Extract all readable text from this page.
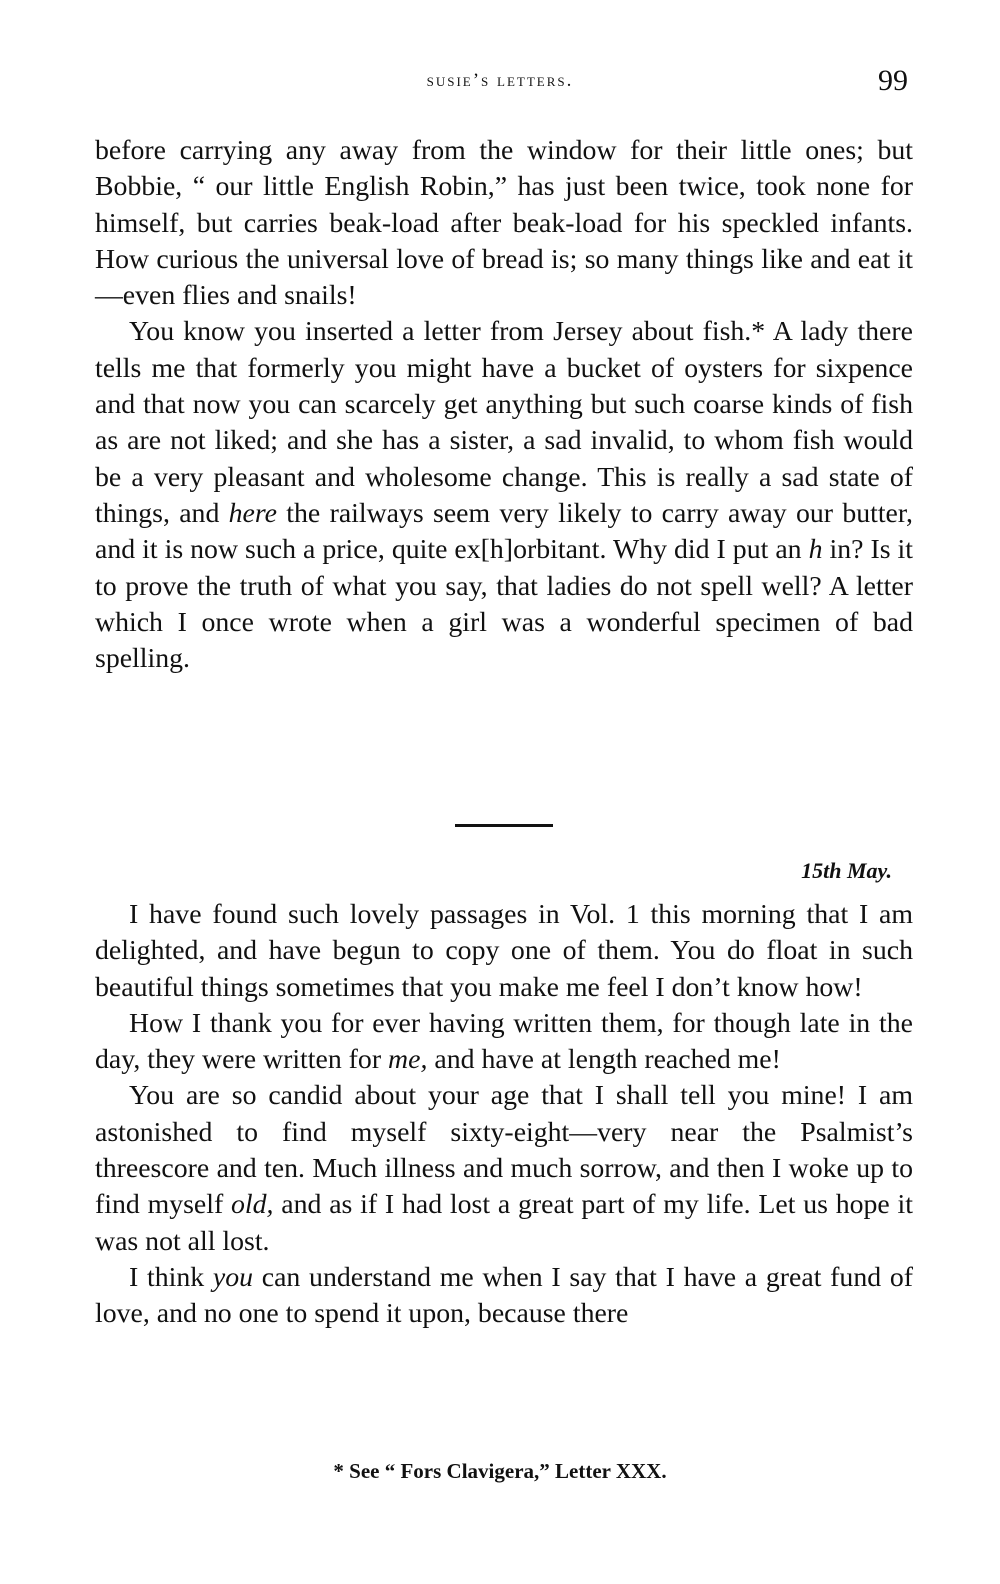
susie’s letters.	99

before carrying any away from the window for their little ones; but Bobbie, “ our little English Robin,” has just been twice, took none for himself, but carries beak-load after beak-load for his speckled infants. How curious the universal love of bread is; so many things like and eat it—even flies and snails!

You know you inserted a letter from Jersey about fish.* A lady there tells me that formerly you might have a bucket of oysters for sixpence and that now you can scarcely get anything but such coarse kinds of fish as are not liked; and she has a sister, a sad invalid, to whom fish would be a very pleasant and wholesome change. This is really a sad state of things, and here the railways seem very likely to carry away our butter, and it is now such a price, quite ex[h]orbitant. Why did I put an h in? Is it to prove the truth of what you say, that ladies do not spell well? A letter which I once wrote when a girl was a wonderful specimen of bad spelling.

15th May.

I have found such lovely passages in Vol. 1 this morning that I am delighted, and have begun to copy one of them. You do float in such beautiful things sometimes that you make me feel I don’t know how!

How I thank you for ever having written them, for though late in the day, they were written for me, and have at length reached me!

You are so candid about your age that I shall tell you mine! I am astonished to find myself sixty-eight—very near the Psalmist’s threescore and ten. Much illness and much sorrow, and then I woke up to find myself old, and as if I had lost a great part of my life. Let us hope it was not all lost.

I think you can understand me when I say that I have a great fund of love, and no one to spend it upon, because there

* See “ Fors Clavigera,” Letter XXX.
